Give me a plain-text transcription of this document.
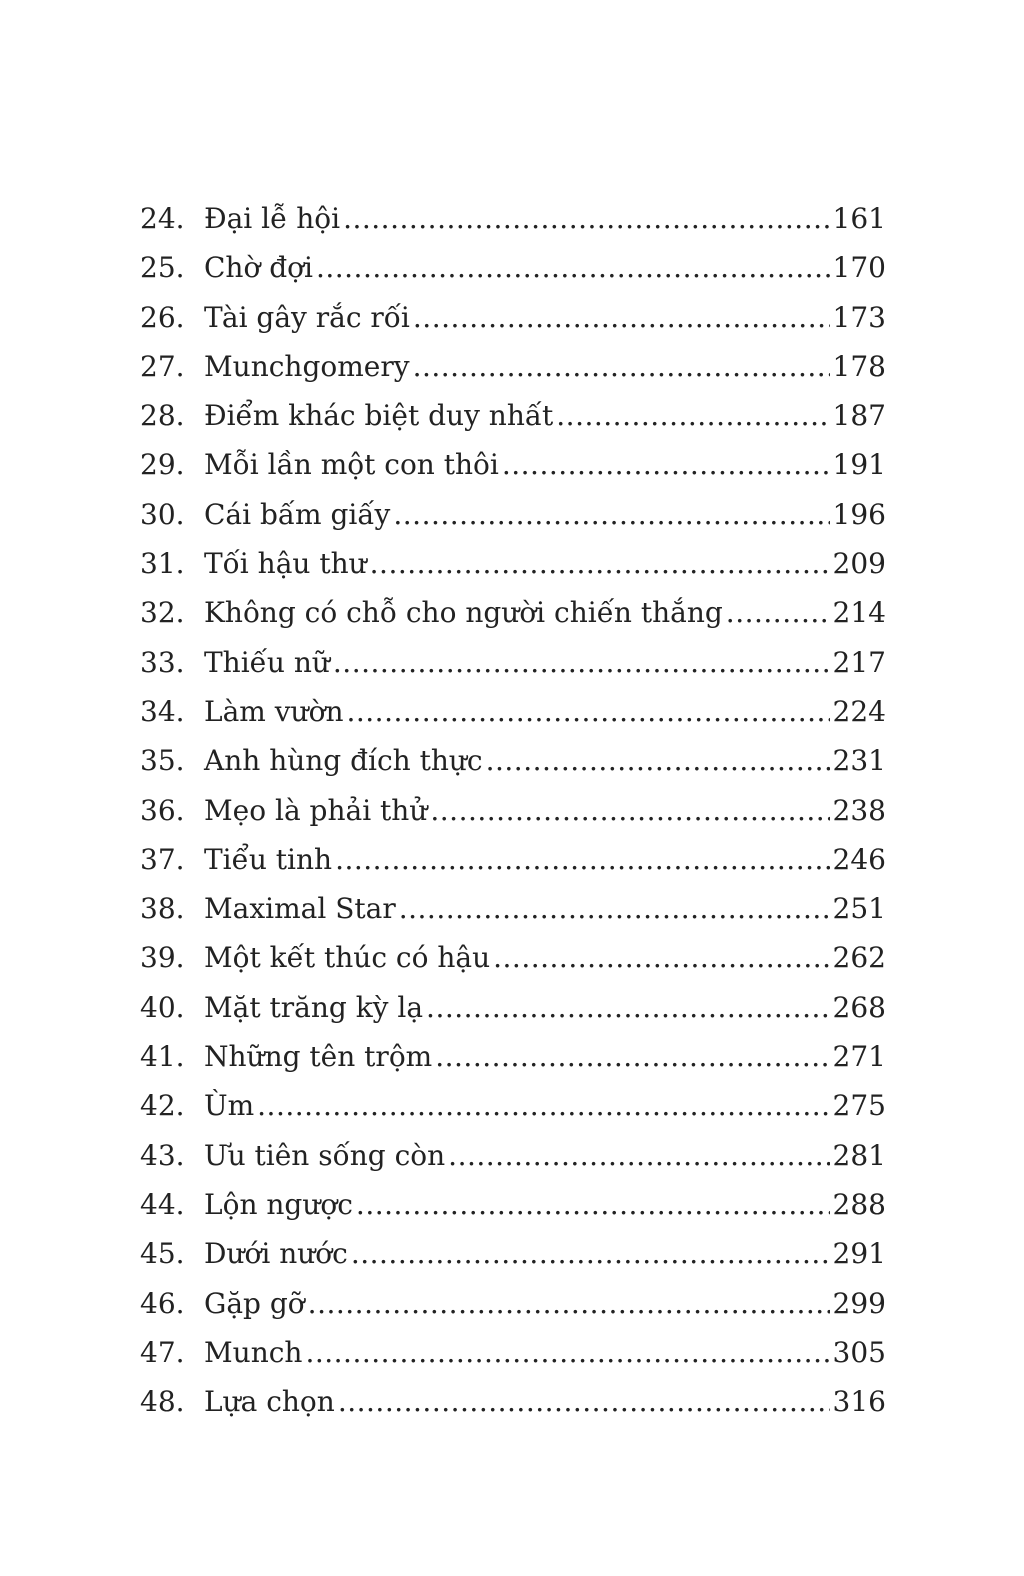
24. Đại lễ hội .....	161
25. Chờ đợi .....	170
26. Tài gây rắc rối .....	173
27. Munchgomery .....	178
28. Điểm khác biệt duy nhất .....	187
29. Mỗi lần một con thôi .....	191
30. Cái bấm giấy .....	196
31. Tối hậu thư .....	209
32. Không có chỗ cho người chiến thắng .....	214
33. Thiếu nữ .....	217
34. Làm vườn .....	224
35. Anh hùng đích thực .....	231
36. Mẹo là phải thử .....	238
37. Tiểu tinh .....	246
38. Maximal Star .....	251
39. Một kết thúc có hậu .....	262
40. Mặt trăng kỳ lạ .....	268
41. Những tên trộm .....	271
42. Ùm .....	275
43. Ưu tiên sống còn .....	281
44. Lộn ngược .....	288
45. Dưới nước .....	291
46. Gặp gỡ .....	299
47. Munch .....	305
48. Lựa chọn .....	316
